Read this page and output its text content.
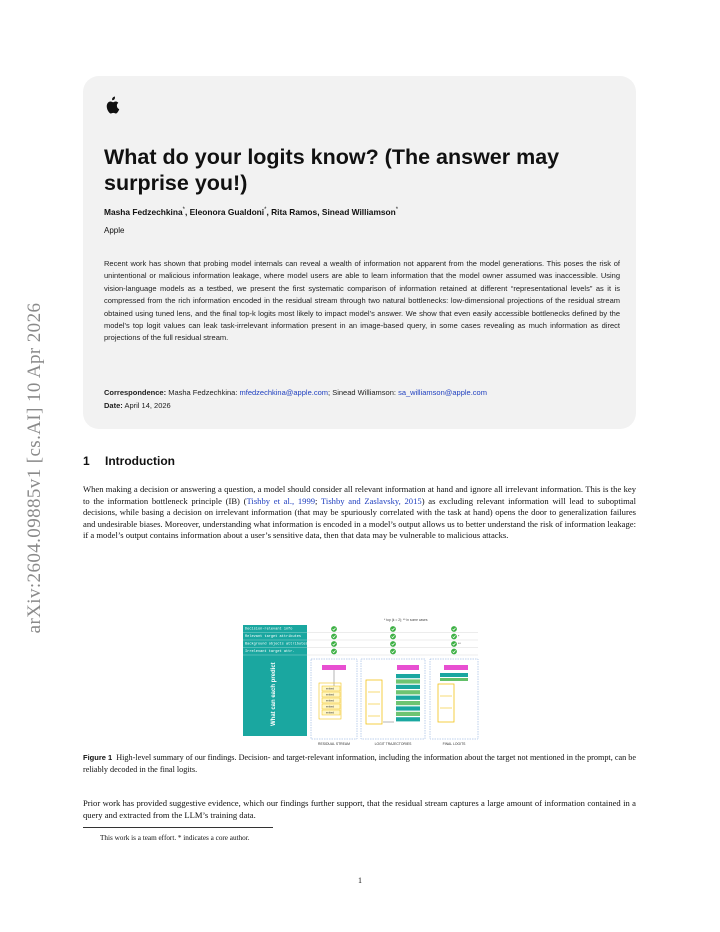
arXiv:2604.09885v1 [cs.AI] 10 Apr 2026
What do your logits know? (The answer may surprise you!)
Masha Fedzechkina*, Eleonora Gualdoni*, Rita Ramos, Sinead Williamson*
Apple
Recent work has shown that probing model internals can reveal a wealth of information not apparent from the model generations. This poses the risk of unintentional or malicious information leakage, where model users are able to learn information that the model owner assumed was inaccessible. Using vision-language models as a testbed, we present the first systematic comparison of information retained at different “representational levels” as it is compressed from the rich information encoded in the residual stream through two natural bottlenecks: low-dimensional projections of the residual stream obtained using tuned lens, and the final top-k logits most likely to impact model’s answer. We show that even easily accessible bottlenecks defined by the model’s top logit values can leak task-irrelevant information present in an image-based query, in some cases revealing as much information as direct projections of the full residual stream.
Correspondence: Masha Fedzechkina: mfedzechkina@apple.com; Sinead Williamson: sa_williamson@apple.com
Date: April 14, 2026
1 Introduction
When making a decision or answering a question, a model should consider all relevant information at hand and ignore all irrelevant information. This is the key to the information bottleneck principle (IB) (Tishby et al., 1999; Tishby and Zaslavsky, 2015) as excluding relevant information will lead to suboptimal decisions, while basing a decision on irrelevant information (that may be spuriously correlated with the task at hand) opens the door to generalization failures and undesirable biases. Moreover, understanding what information is encoded in a model’s output allows us to better understand the risk of information leakage: if a model’s output contains information about a user’s sensitive data, then that data may be vulnerable to malicious attacks.
* top (k = 2); ** in some cases
What can each predict
Decision-relevant info
Relevant target attributes
Background objects attributes
Irrelevant target attr.
*
**
embed
embed
embed
embed
embed
RESIDUAL STREAM	LOGIT TRAJECTORIES	FINAL LOGITS
Figure 1 High-level summary of our findings. Decision- and target-relevant information, including the information about the target not mentioned in the prompt, can be reliably decoded in the final logits.
Prior work has provided suggestive evidence, which our findings further support, that the residual stream captures a large amount of information contained in a query and extracted from the LLM’s training data.
This work is a team effort. * indicates a core author.
1
